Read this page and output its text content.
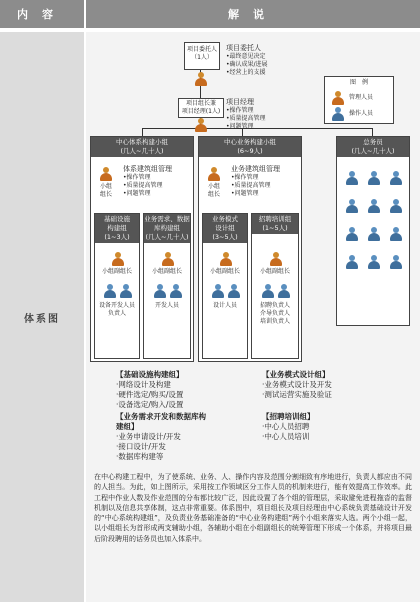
内容	解说
体系图
项目委托人
（1人）
项目委托人
•最终意见决定
•确认成果/进展
•经营上的支援
图　例
管理人员
操作人员
项目组长兼
项目经理(1人)
项目经理
•操作管理
•质量提高管理
•问题管理
中心体系构建小组
(几人~几十人)
小组
组长
体系建筑组管理
•操作管理
•质量提高管理
•问题管理
基础设施
构建组
(1~3人)
小组副组长
设备开发人员
负责人
业务需求、数据
库构建组
(几人~几十人)
小组副组长
开发人员
中心业务构建小组
(6~9人)
小组
组长
业务建筑组管理
•操作管理
•质量提高管理
•问题管理
业务模式
设计组
(3~5人)
小组副组长
设计人员
招聘培训组
(1~5人)
小组副组长
招聘负责人
介导负责人
培训负责人
总务员
(几人~几十人)
【基础设施构建组】
·网络设计及构建
·硬件选定/购买/设置
·设备选定/购入/设置
【业务需求开发和数据库构
建组】
·业务申请设计/开发
·接口设计/开发
·数据库构建等
【业务模式设计组】
·业务模式设计及开发
·测试运营实施及验证
【招聘培训组】
·中心人员招聘
·中心人员培训
在中心构建工程中，为了使系统、业务、人、操作内容及范围分割细致有序地进行，负责人都应由不同的人担当。为此，如上图所示，采用按工作领域区分工作人员的机制来进行，能有效提高工作效率。此工程中作业人数及作业范围的分布都比较广泛，因此设置了各个组的管理层，采取避免进程拖沓的监督机制以及信息共享体制，这点非常重要。体系图中，项目组长及项目经理由中心系统负责基础设计开发的“中心系统构建组”，及负责业务基础准备的“中心业务构建组”两个小组来落实人选。两个小组一起，以小组组长为首形成两支辅助小组，各辅助小组在小组副组长的统筹管理下形成一个体系，并将项目最后阶段聘用的话务员也加入体系中。
